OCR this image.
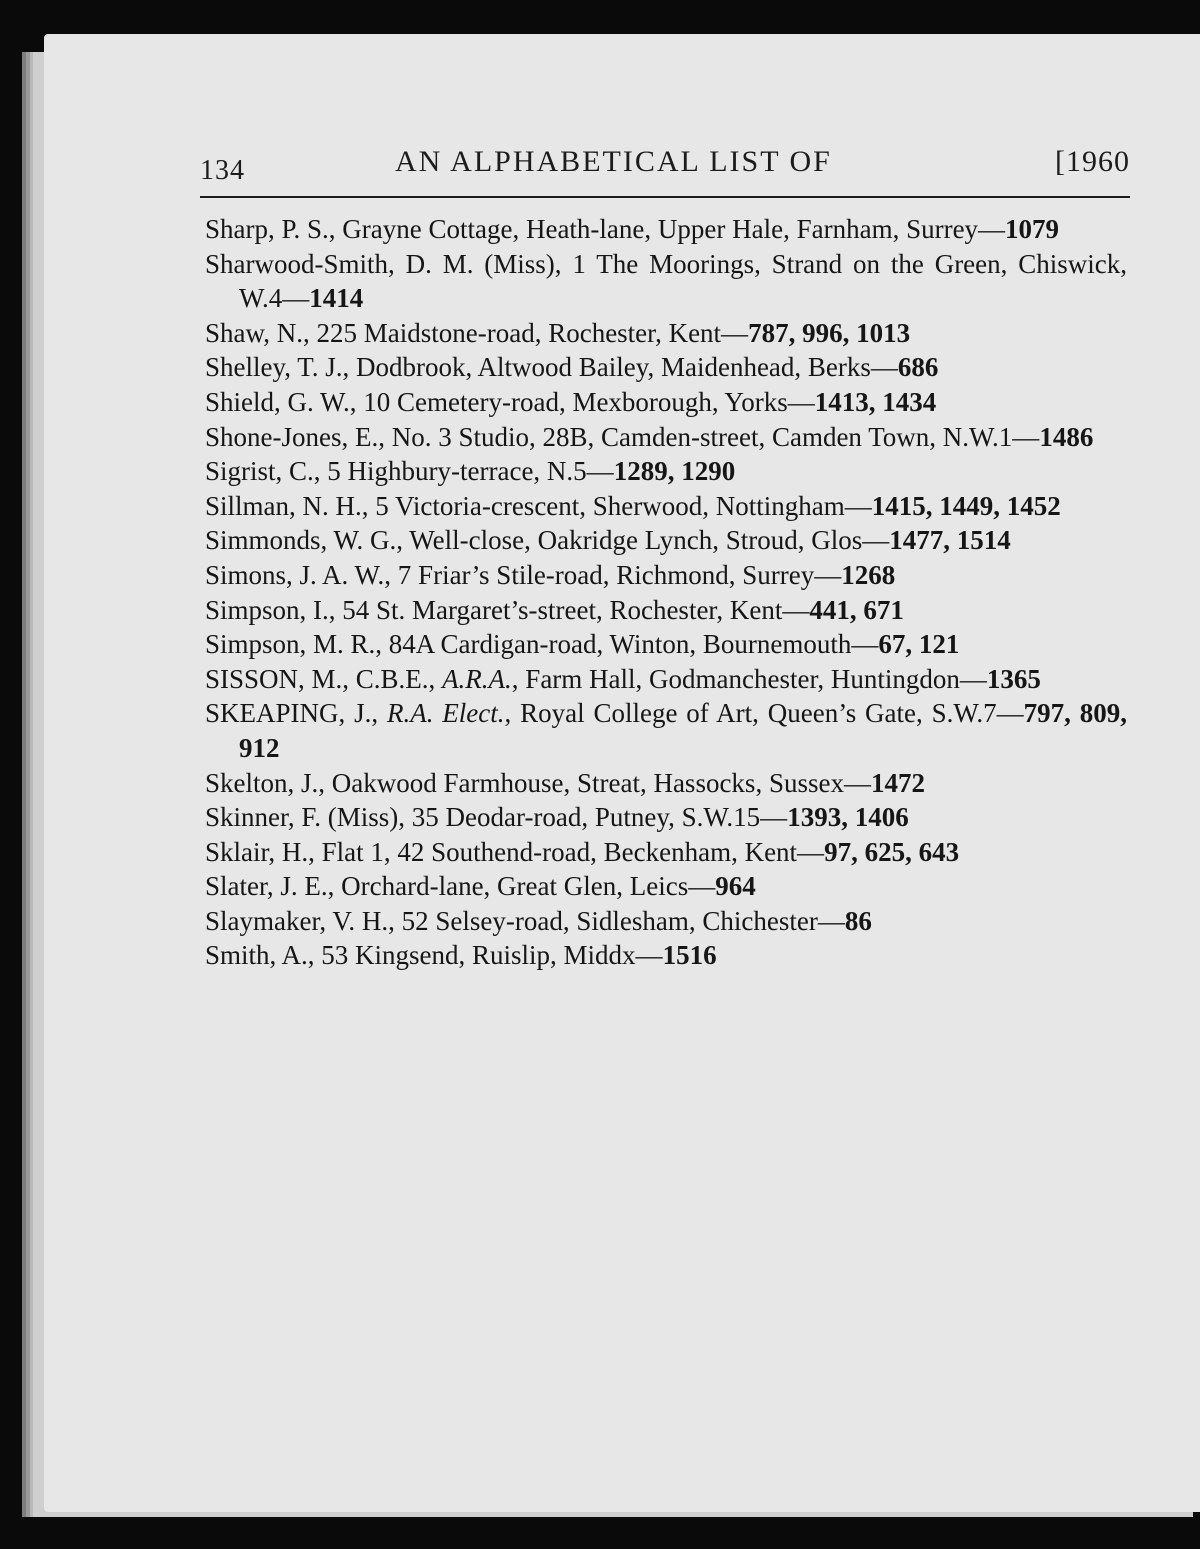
134	AN ALPHABETICAL LIST OF	[1960
Sharp, P. S., Grayne Cottage, Heath-lane, Upper Hale, Farnham, Surrey—1079
Sharwood-Smith, D. M. (Miss), 1 The Moorings, Strand on the Green, Chiswick, W.4—1414
Shaw, N., 225 Maidstone-road, Rochester, Kent—787, 996, 1013
Shelley, T. J., Dodbrook, Altwood Bailey, Maidenhead, Berks—686
Shield, G. W., 10 Cemetery-road, Mexborough, Yorks—1413, 1434
Shone-Jones, E., No. 3 Studio, 28B, Camden-street, Camden Town, N.W.1—1486
Sigrist, C., 5 Highbury-terrace, N.5—1289, 1290
Sillman, N. H., 5 Victoria-crescent, Sherwood, Nottingham—1415, 1449, 1452
Simmonds, W. G., Well-close, Oakridge Lynch, Stroud, Glos—1477, 1514
Simons, J. A. W., 7 Friar’s Stile-road, Richmond, Surrey—1268
Simpson, I., 54 St. Margaret’s-street, Rochester, Kent—441, 671
Simpson, M. R., 84A Cardigan-road, Winton, Bournemouth—67, 121
SISSON, M., C.B.E., A.R.A., Farm Hall, Godmanchester, Huntingdon—1365
SKEAPING, J., R.A. Elect., Royal College of Art, Queen’s Gate, S.W.7—797, 809, 912
Skelton, J., Oakwood Farmhouse, Streat, Hassocks, Sussex—1472
Skinner, F. (Miss), 35 Deodar-road, Putney, S.W.15—1393, 1406
Sklair, H., Flat 1, 42 Southend-road, Beckenham, Kent—97, 625, 643
Slater, J. E., Orchard-lane, Great Glen, Leics—964
Slaymaker, V. H., 52 Selsey-road, Sidlesham, Chichester—86
Smith, A., 53 Kingsend, Ruislip, Middx—1516
